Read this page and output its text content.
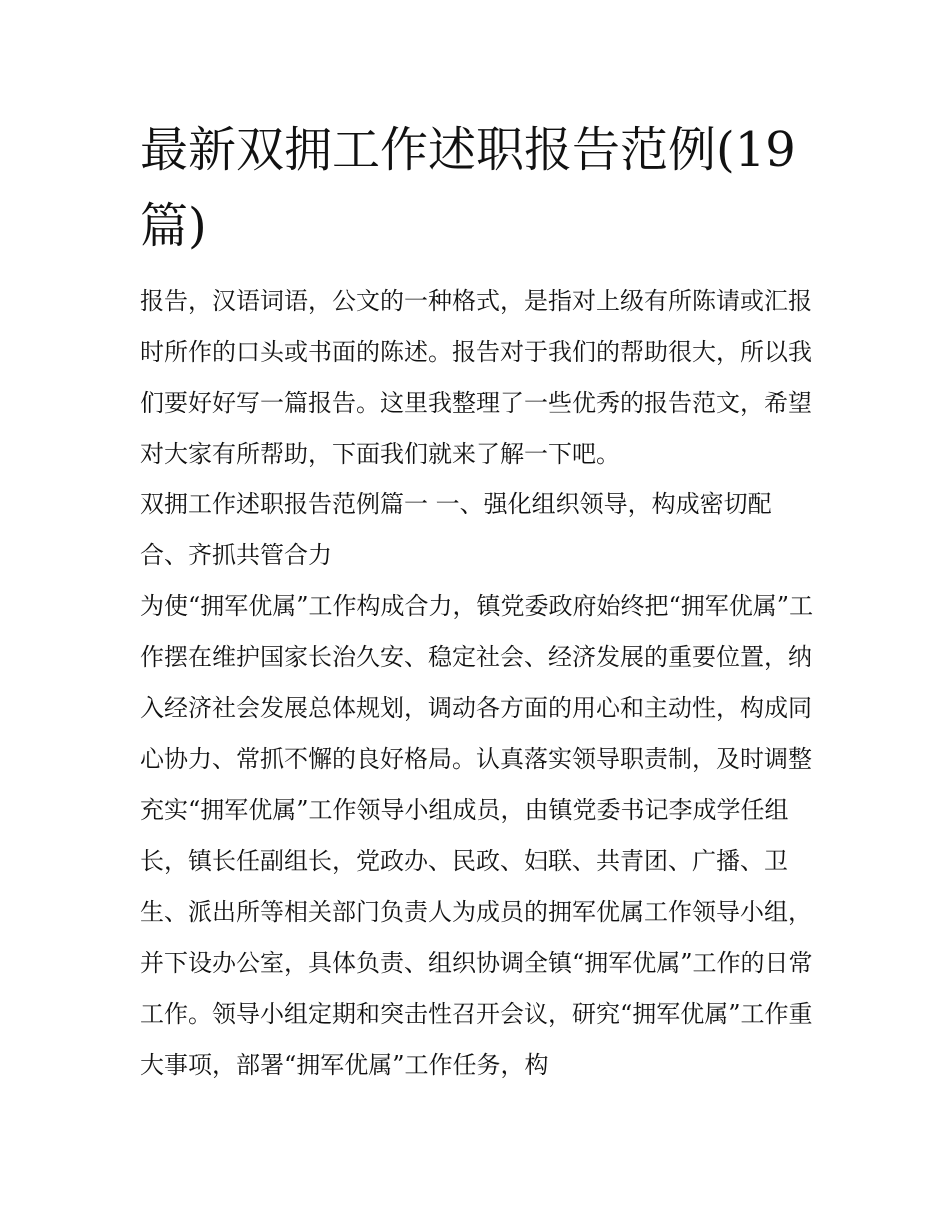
最新双拥工作述职报告范例(19篇)

报告，汉语词语，公文的一种格式，是指对上级有所陈请或汇报时所作的口头或书面的陈述。报告对于我们的帮助很大，所以我们要好好写一篇报告。这里我整理了一些优秀的报告范文，希望对大家有所帮助，下面我们就来了解一下吧。

双拥工作述职报告范例篇一 一、强化组织领导，构成密切配合、齐抓共管合力

为使“拥军优属”工作构成合力，镇党委政府始终把“拥军优属”工作摆在维护国家长治久安、稳定社会、经济发展的重要位置，纳入经济社会发展总体规划，调动各方面的用心和主动性，构成同心协力、常抓不懈的良好格局。认真落实领导职责制，及时调整充实“拥军优属”工作领导小组成员，由镇党委书记李成学任组长，镇长任副组长，党政办、民政、妇联、共青团、广播、卫生、派出所等相关部门负责人为成员的拥军优属工作领导小组，并下设办公室，具体负责、组织协调全镇“拥军优属”工作的日常工作。领导小组定期和突击性召开会议，研究“拥军优属”工作重大事项，部署“拥军优属”工作任务，构
